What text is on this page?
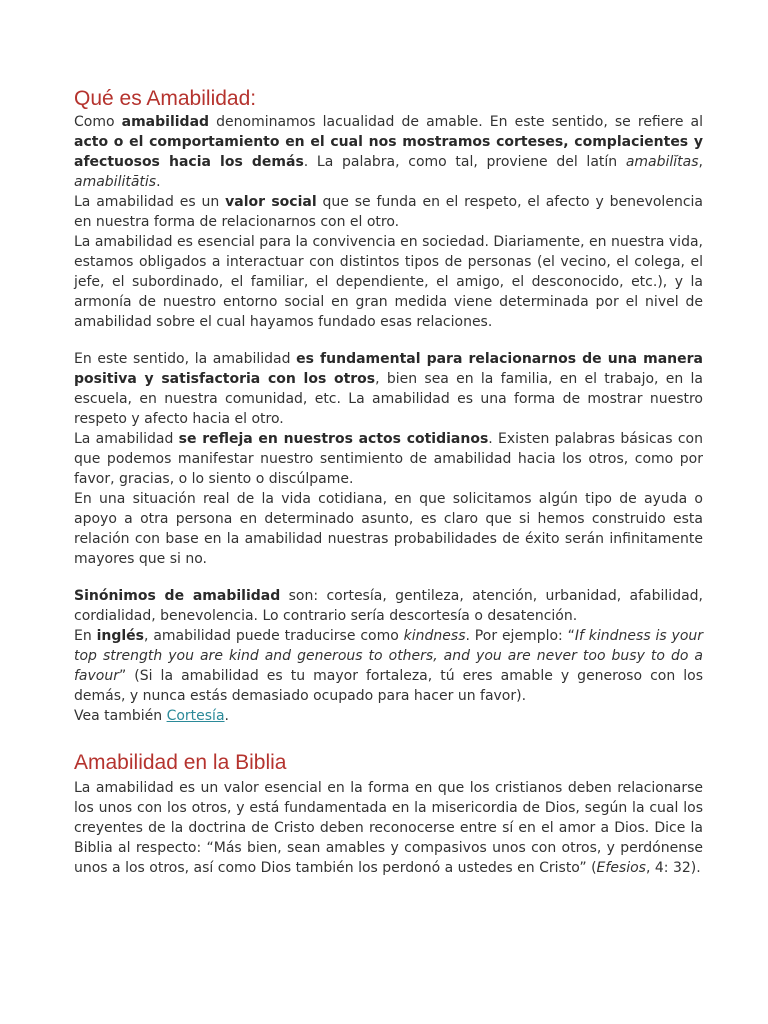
Qué es Amabilidad:

Como amabilidad denominamos lacualidad de amable. En este sentido, se refiere al acto o el comportamiento en el cual nos mostramos corteses, complacientes y afectuosos hacia los demás. La palabra, como tal, proviene del latín amabilĭtas, amabilitātis.

La amabilidad es un valor social que se funda en el respeto, el afecto y benevolencia en nuestra forma de relacionarnos con el otro.

La amabilidad es esencial para la convivencia en sociedad. Diariamente, en nuestra vida, estamos obligados a interactuar con distintos tipos de personas (el vecino, el colega, el jefe, el subordinado, el familiar, el dependiente, el amigo, el desconocido, etc.), y la armonía de nuestro entorno social en gran medida viene determinada por el nivel de amabilidad sobre el cual hayamos fundado esas relaciones.

En este sentido, la amabilidad es fundamental para relacionarnos de una manera positiva y satisfactoria con los otros, bien sea en la familia, en el trabajo, en la escuela, en nuestra comunidad, etc. La amabilidad es una forma de mostrar nuestro respeto y afecto hacia el otro.

La amabilidad se refleja en nuestros actos cotidianos. Existen palabras básicas con que podemos manifestar nuestro sentimiento de amabilidad hacia los otros, como por favor, gracias, o lo siento o discúlpame.

En una situación real de la vida cotidiana, en que solicitamos algún tipo de ayuda o apoyo a otra persona en determinado asunto, es claro que si hemos construido esta relación con base en la amabilidad nuestras probabilidades de éxito serán infinitamente mayores que si no.

Sinónimos de amabilidad son: cortesía, gentileza, atención, urbanidad, afabilidad, cordialidad, benevolencia. Lo contrario sería descortesía o desatención.

En inglés, amabilidad puede traducirse como kindness. Por ejemplo: “If kindness is your top strength you are kind and generous to others, and you are never too busy to do a favour” (Si la amabilidad es tu mayor fortaleza, tú eres amable y generoso con los demás, y nunca estás demasiado ocupado para hacer un favor).

Vea también Cortesía.

Amabilidad en la Biblia

La amabilidad es un valor esencial en la forma en que los cristianos deben relacionarse los unos con los otros, y está fundamentada en la misericordia de Dios, según la cual los creyentes de la doctrina de Cristo deben reconocerse entre sí en el amor a Dios. Dice la Biblia al respecto: “Más bien, sean amables y compasivos unos con otros, y perdónense unos a los otros, así como Dios también los perdonó a ustedes en Cristo” (Efesios, 4: 32).
